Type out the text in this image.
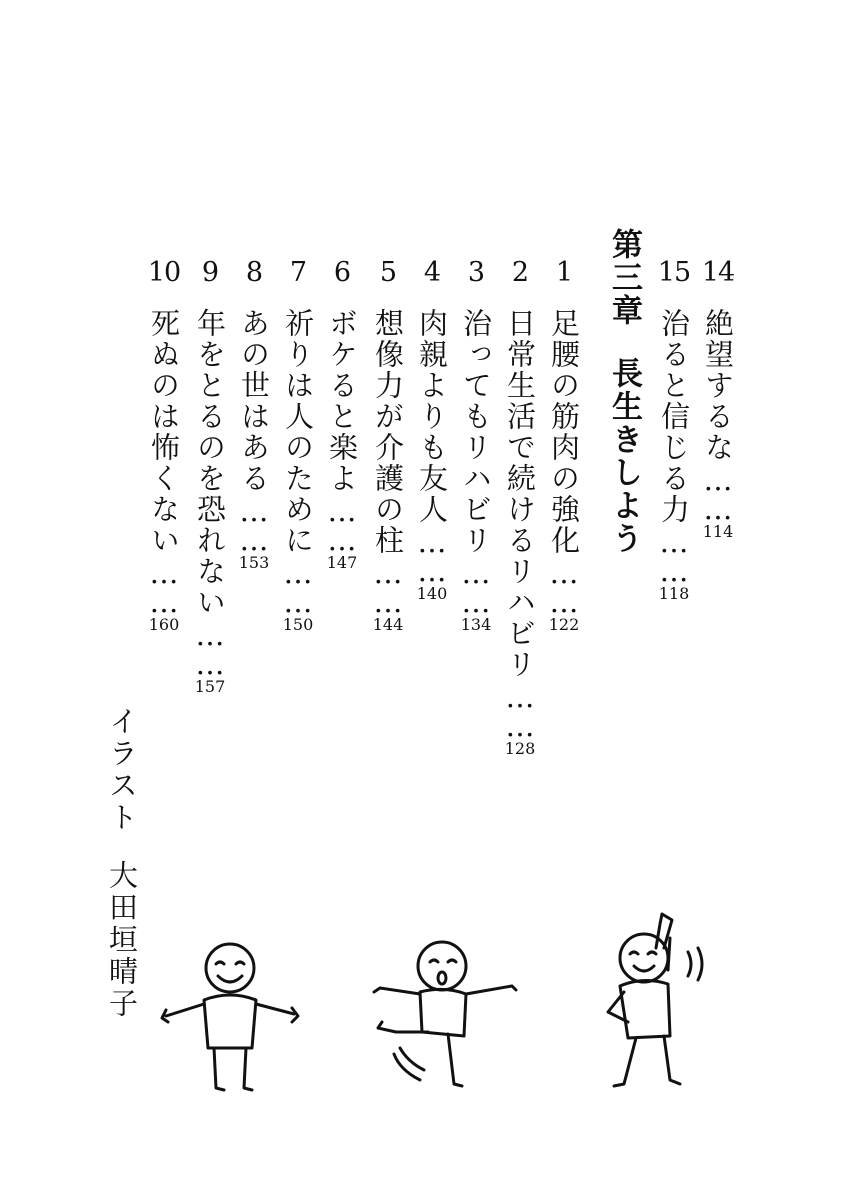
14
絶望するな……
114
15
治ると信じる力……
118
第三章長生きしよう
1
足腰の筋肉の強化……
122
2
日常生活で続けるリハビリ……
128
3
治ってもリハビリ……
134
4
肉親よりも友人……
140
5
想像力が介護の柱……
144
6
ボケると楽よ……
147
7
祈りは人のために……
150
8
あの世はある……
153
9
年をとるのを恐れない……
157
10
死ぬのは怖くない……
160
イラスト大田垣晴子
